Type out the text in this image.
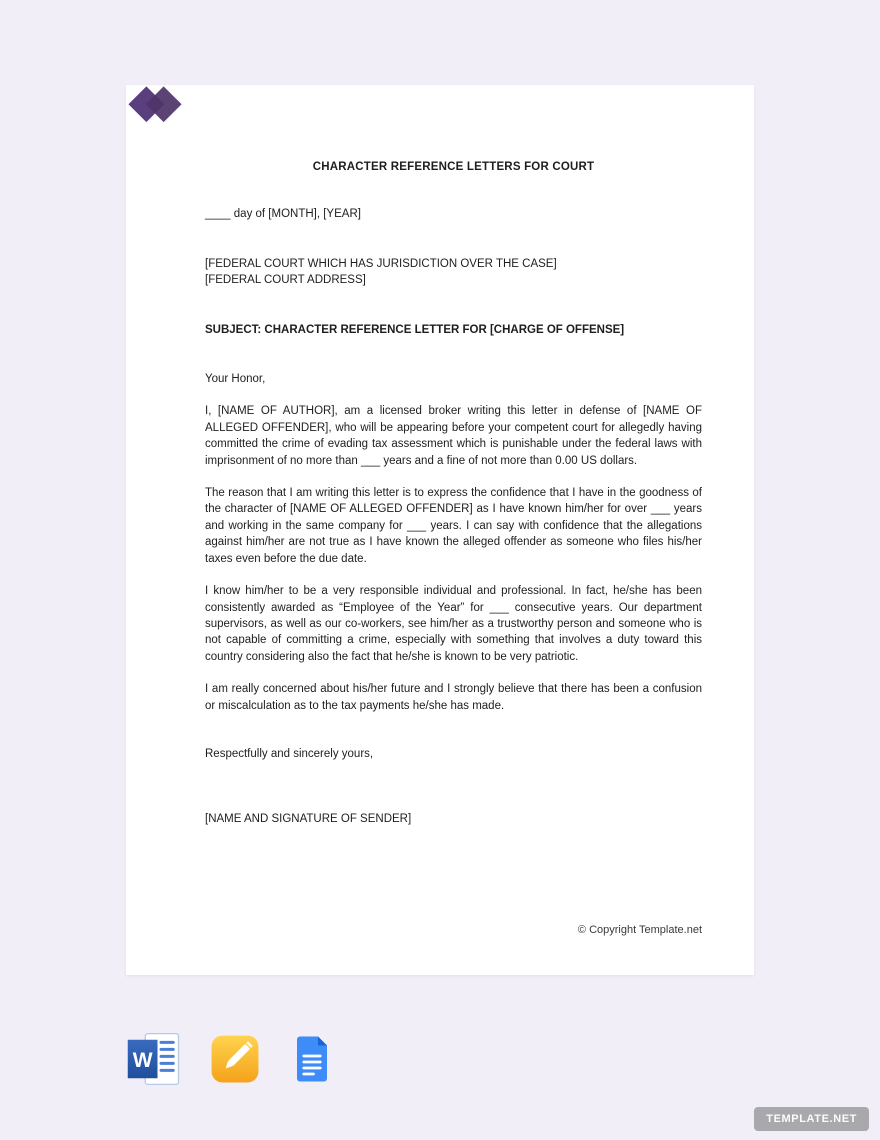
CHARACTER REFERENCE LETTERS FOR COURT
____ day of [MONTH], [YEAR]
[FEDERAL COURT WHICH HAS JURISDICTION OVER THE CASE]
[FEDERAL COURT ADDRESS]
SUBJECT: CHARACTER REFERENCE LETTER FOR [CHARGE OF OFFENSE]
Your Honor,

I, [NAME OF AUTHOR], am a licensed broker writing this letter in defense of [NAME OF ALLEGED OFFENDER], who will be appearing before your competent court for allegedly having committed the crime of evading tax assessment which is punishable under the federal laws with imprisonment of no more than ___ years and a fine of not more than 0.00 US dollars.

The reason that I am writing this letter is to express the confidence that I have in the goodness of the character of [NAME OF ALLEGED OFFENDER] as I have known him/her for over ___ years and working in the same company for ___ years. I can say with confidence that the allegations against him/her are not true as I have known the alleged offender as someone who files his/her taxes even before the due date.

I know him/her to be a very responsible individual and professional. In fact, he/she has been consistently awarded as “Employee of the Year” for ___ consecutive years. Our department supervisors, as well as our co-workers, see him/her as a trustworthy person and someone who is not capable of committing a crime, especially with something that involves a duty toward this country considering also the fact that he/she is known to be very patriotic.

I am really concerned about his/her future and I strongly believe that there has been a confusion or miscalculation as to the tax payments he/she has made.

Respectfully and sincerely yours,
[NAME AND SIGNATURE OF SENDER]
© Copyright Template.net
W
TEMPLATE.NET
